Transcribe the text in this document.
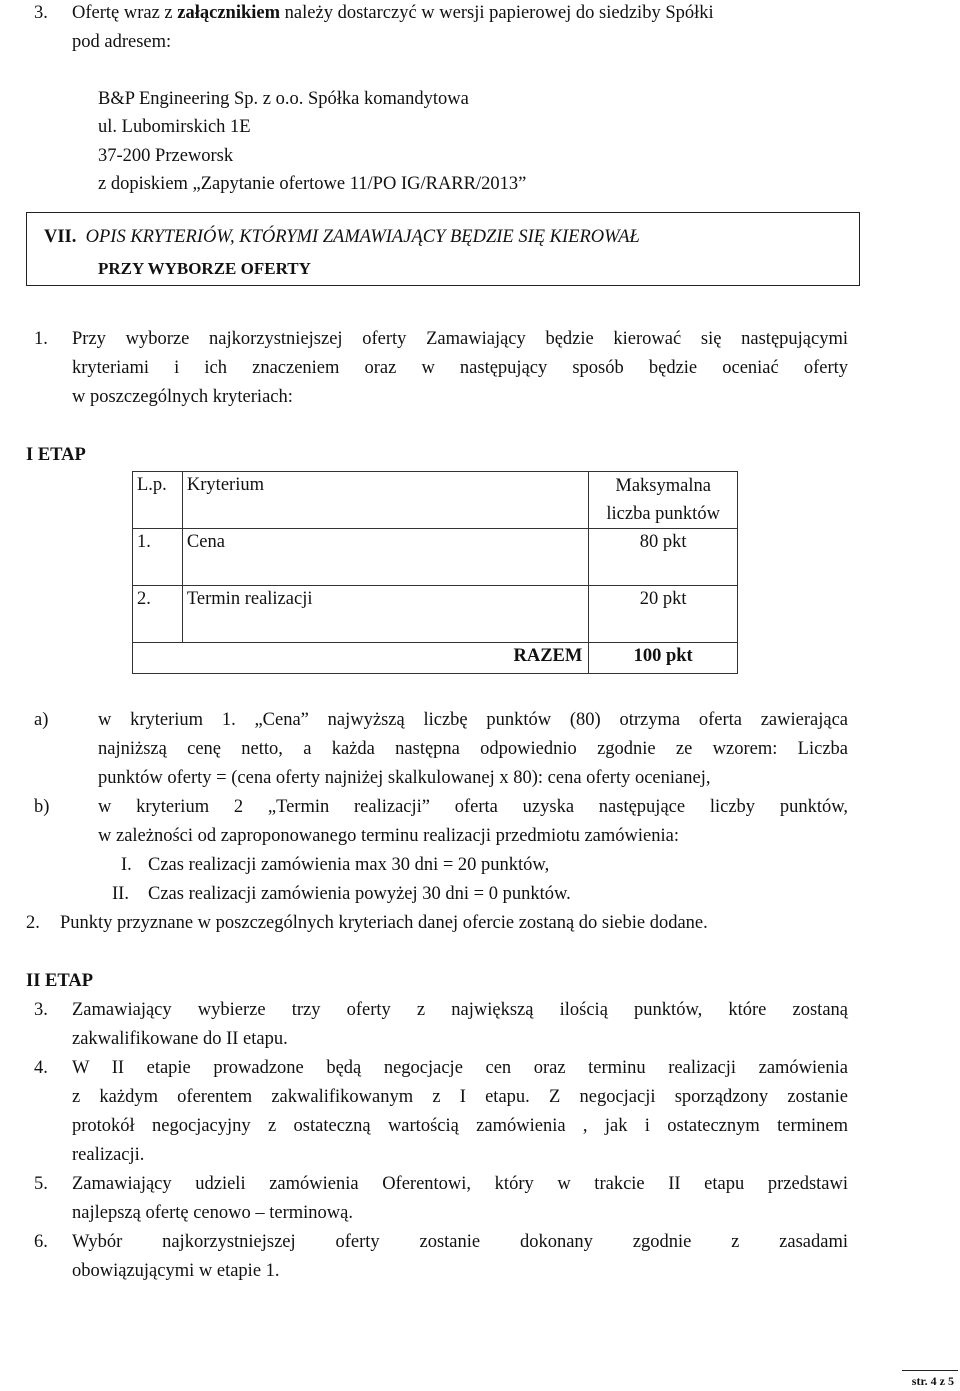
3. Ofertę wraz z załącznikiem należy dostarczyć w wersji papierowej do siedziby Spółki
pod adresem:
B&P Engineering Sp. z o.o. Spółka komandytowa
ul. Lubomirskich 1E
37-200 Przeworsk
z dopiskiem „Zapytanie ofertowe 11/PO IG/RARR/2013”
VII. OPIS KRYTERIÓW, KTÓRYMI ZAMAWIAJĄCY BĘDZIE SIĘ KIEROWAŁ
PRZY WYBORZE OFERTY
1. Przy wyborze najkorzystniejszej oferty Zamawiający będzie kierować się następującymi
kryteriami i ich znaczeniem oraz w następujący sposób będzie oceniać oferty
w poszczególnych kryteriach:
I ETAP
L.p.	Kryterium	Maksymalna liczba punktów
1.	Cena	80 pkt
2.	Termin realizacji	20 pkt
RAZEM		100 pkt
a)	w kryterium 1. „Cena” najwyższą liczbę punktów (80) otrzyma oferta zawierająca
najniższą cenę netto, a każda następna odpowiednio zgodnie ze wzorem: Liczba
punktów oferty = (cena oferty najniżej skalkulowanej x 80): cena oferty ocenianej,
b)	w kryterium 2 „Termin realizacji” oferta uzyska następujące liczby punktów,
w zależności od zaproponowanego terminu realizacji przedmiotu zamówienia:
I. Czas realizacji zamówienia max 30 dni = 20 punktów,
II. Czas realizacji zamówienia powyżej 30 dni = 0 punktów.
2. Punkty przyznane w poszczególnych kryteriach danej ofercie zostaną do siebie dodane.
II ETAP
3. Zamawiający wybierze trzy oferty z największą ilością punktów, które zostaną
zakwalifikowane do II etapu.
4. W II etapie prowadzone będą negocjacje cen oraz terminu realizacji zamówienia
z każdym oferentem zakwalifikowanym z I etapu. Z negocjacji sporządzony zostanie
protokół negocjacyjny z ostateczną wartością zamówienia , jak i ostatecznym terminem
realizacji.
5. Zamawiający udzieli zamówienia Oferentowi, który w trakcie II etapu przedstawi
najlepszą ofertę cenowo – terminową.
6. Wybór najkorzystniejszej oferty zostanie dokonany zgodnie z zasadami
obowiązującymi w etapie 1.
str. 4 z 5
